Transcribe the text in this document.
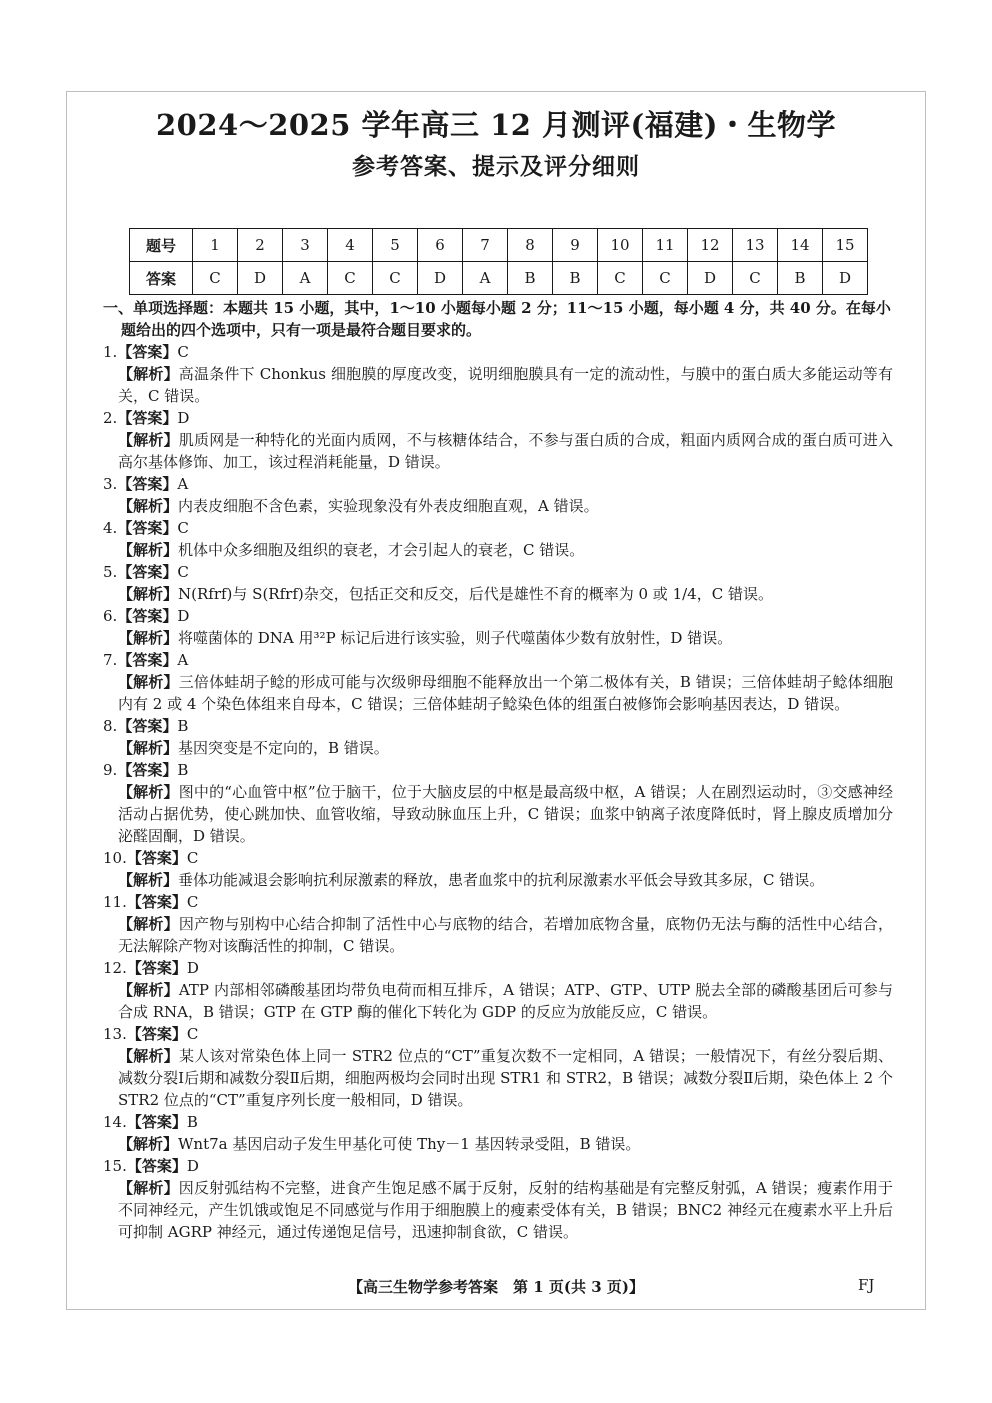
2024～2025 学年高三 12 月测评(福建)・生物学
参考答案、提示及评分细则
题号	1	2	3	4	5	6	7	8	9	10	11	12	13	14	15
答案	C	D	A	C	C	D	A	B	B	C	C	D	C	B	D
一、单项选择题：本题共 15 小题，其中，1～10 小题每小题 2 分；11～15 小题，每小题 4 分，共 40 分。在每小题给出的四个选项中，只有一项是最符合题目要求的。
1. 【答案】 C
【解析】高温条件下 Chonkus 细胞膜的厚度改变，说明细胞膜具有一定的流动性，与膜中的蛋白质大多能运动等有关，C 错误。
2. 【答案】 D
【解析】肌质网是一种特化的光面内质网，不与核糖体结合，不参与蛋白质的合成，粗面内质网合成的蛋白质可进入高尔基体修饰、加工，该过程消耗能量，D 错误。
3. 【答案】 A
【解析】内表皮细胞不含色素，实验现象没有外表皮细胞直观，A 错误。
4. 【答案】 C
【解析】机体中众多细胞及组织的衰老，才会引起人的衰老，C 错误。
5. 【答案】 C
【解析】N(Rfrf)与 S(Rfrf)杂交，包括正交和反交，后代是雄性不育的概率为 0 或 1/4，C 错误。
6. 【答案】 D
【解析】将噬菌体的 DNA 用³²P 标记后进行该实验，则子代噬菌体少数有放射性，D 错误。
7. 【答案】 A
【解析】三倍体蛙胡子鲶的形成可能与次级卵母细胞不能释放出一个第二极体有关，B 错误；三倍体蛙胡子鲶体细胞内有 2 或 4 个染色体组来自母本，C 错误；三倍体蛙胡子鲶染色体的组蛋白被修饰会影响基因表达，D 错误。
8. 【答案】 B
【解析】基因突变是不定向的，B 错误。
9. 【答案】 B
【解析】图中的“心血管中枢”位于脑干，位于大脑皮层的中枢是最高级中枢，A 错误；人在剧烈运动时，③交感神经活动占据优势，使心跳加快、血管收缩，导致动脉血压上升，C 错误；血浆中钠离子浓度降低时，肾上腺皮质增加分泌醛固酮，D 错误。
10. 【答案】 C
【解析】垂体功能减退会影响抗利尿激素的释放，患者血浆中的抗利尿激素水平低会导致其多尿，C 错误。
11. 【答案】 C
【解析】因产物与别构中心结合抑制了活性中心与底物的结合，若增加底物含量，底物仍无法与酶的活性中心结合，无法解除产物对该酶活性的抑制，C 错误。
12. 【答案】 D
【解析】ATP 内部相邻磷酸基团均带负电荷而相互排斥，A 错误；ATP、GTP、UTP 脱去全部的磷酸基团后可参与合成 RNA，B 错误；GTP 在 GTP 酶的催化下转化为 GDP 的反应为放能反应，C 错误。
13. 【答案】 C
【解析】某人该对常染色体上同一 STR2 位点的“CT”重复次数不一定相同，A 错误；一般情况下，有丝分裂后期、减数分裂Ⅰ后期和减数分裂Ⅱ后期，细胞两极均会同时出现 STR1 和 STR2，B 错误；减数分裂Ⅱ后期，染色体上 2 个 STR2 位点的“CT”重复序列长度一般相同，D 错误。
14. 【答案】 B
【解析】Wnt7a 基因启动子发生甲基化可使 Thy－1 基因转录受阻，B 错误。
15. 【答案】 D
【解析】因反射弧结构不完整，进食产生饱足感不属于反射，反射的结构基础是有完整反射弧，A 错误；瘦素作用于不同神经元，产生饥饿或饱足不同感觉与作用于细胞膜上的瘦素受体有关，B 错误；BNC2 神经元在瘦素水平上升后可抑制 AGRP 神经元，通过传递饱足信号，迅速抑制食欲，C 错误。
【高三生物学参考答案　第 1 页(共 3 页)】	FJ
